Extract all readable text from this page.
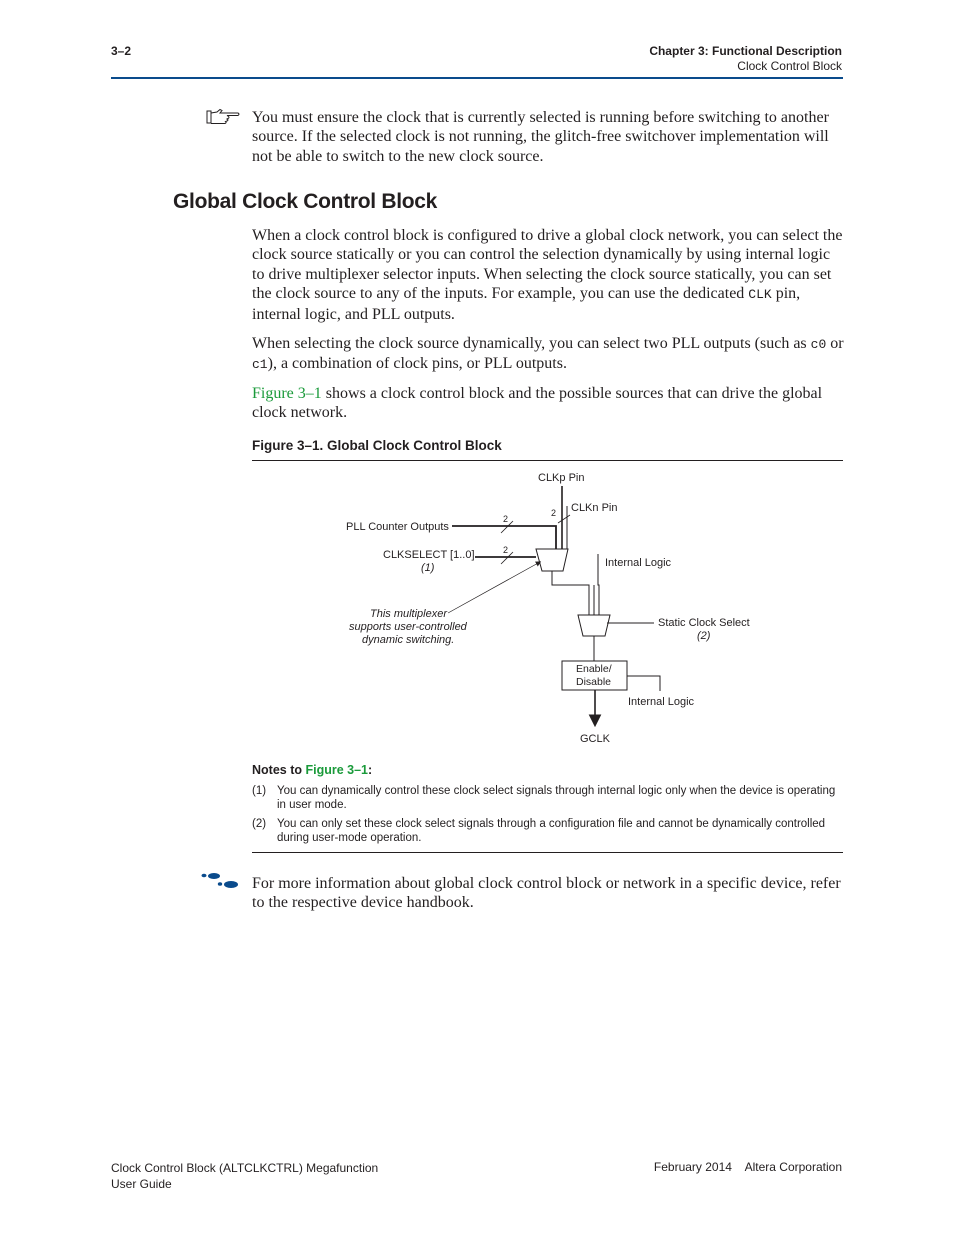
3–2	Chapter 3: Functional Description
Clock Control Block
You must ensure the clock that is currently selected is running before switching to another source. If the selected clock is not running, the glitch-free switchover implementation will not be able to switch to the new clock source.
Global Clock Control Block

When a clock control block is configured to drive a global clock network, you can select the clock source statically or you can control the selection dynamically by using internal logic to drive multiplexer selector inputs. When selecting the clock source statically, you can set the clock source to any of the inputs. For example, you can use the dedicated CLK pin, internal logic, and PLL outputs.

When selecting the clock source dynamically, you can select two PLL outputs (such as c0 or c1), a combination of clock pins, or PLL outputs.

Figure 3–1 shows a clock control block and the possible sources that can drive the global clock network.

Figure 3–1. Global Clock Control Block
CLKp Pin
CLKn Pin
2
PLL Counter Outputs
2
CLKSELECT [1..0]
(1)
2
Internal Logic
This multiplexer
supports user-controlled
dynamic switching.
Static Clock Select
(2)
Enable/
Disable
Internal Logic
GCLK
Notes to Figure 3–1:
(1) You can dynamically control these clock select signals through internal logic only when the device is operating in user mode.
(2) You can only set these clock select signals through a configuration file and cannot be dynamically controlled during user-mode operation.
For more information about global clock control block or network in a specific device, refer to the respective device handbook.
Clock Control Block (ALTCLKCTRL) Megafunction
User Guide
February 2014    Altera Corporation
